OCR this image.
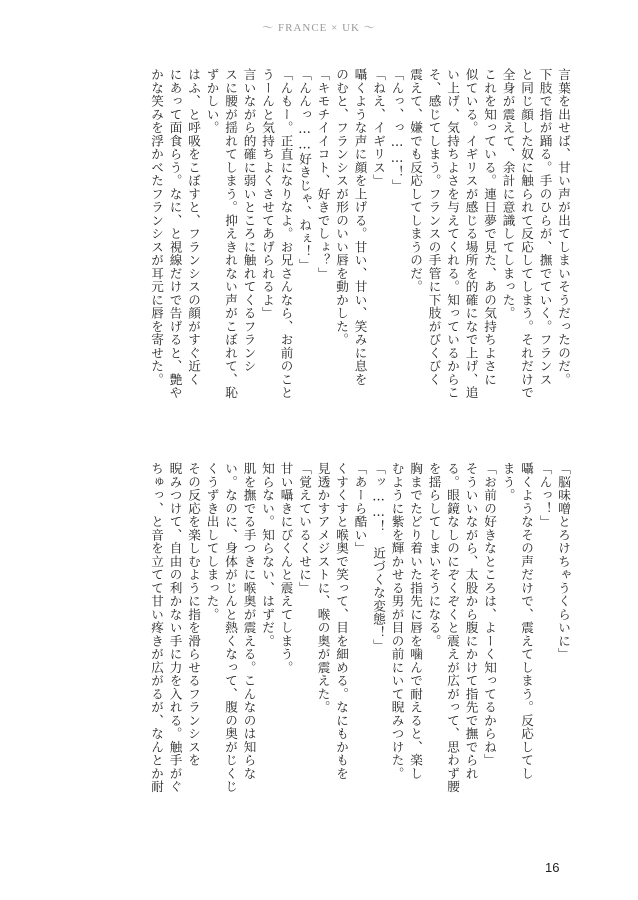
～ FRANCE × UK ～

言葉を出せば、甘い声が出てしまいそうだったのだ。

下肢で指が踊る。手のひらが、撫でていく。フランス

と同じ顔した奴に触られて反応してしまう。それだけで

全身が震えて、余計に意識してしまった。

これを知っている。連日夢で見た、あの気持ちよさに

似ている。イギリスが感じる場所を的確になで上げ、追

い上げ、気持ちよさを与えてくれる。知っているからこ

そ、感じてしまう。フランスの手管に下肢がびくびく

震えて、嫌でも反応してしまうのだ。

「んっ、っ……！」

「ねえ、イギリス」

囁くような声に顔を上げる。甘い、甘い、笑みに息を

のむと、フランシスが形のいい唇を動かした。

「キモチイイコト、好きでしょ？」

「んんっ……好きじゃ、ねぇ！」

「んもー。正直になりなよ。お兄さんなら、お前のこと

うーんと気持ちよくさせてあげられるよ」

言いながら的確に弱いところに触れてくるフランシ

スに腰が揺れてしまう。抑えきれない声がこぼれて、恥

ずかしい。

はふ、と呼吸をこぼすと、フランシスの顔がすぐ近く

にあって面食らう。なに、と視線だけで告げると、艶や

かな笑みを浮かべたフランシスが耳元に唇を寄せた。

「脳味噌とろけちゃうくらいに」

「んっ！」

囁くようなその声だけで、震えてしまう。反応してし

まう。

「お前の好きなところは、よーく知ってるからね」

そういいながら、太股から腹にかけて指先で撫でられ

る。眼鏡なしのにぞくぞくと震えが広がって、思わず腰

を揺らしてしまいそうになる。

胸までたどり着いた指先に唇を噛んで耐えると、楽し

むように紫を輝かせる男が目の前にいて睨みつけた。

「ッ……！　近づくな変態！」

「あーら酷い」

くすくすと喉奥で笑って、目を細める。なにもかもを

見透かすアメジストに、喉の奥が震えた。

「覚えているくせに」

甘い囁きにびくんと震えてしまう。

知らない。知らない、はずだ。

肌を撫でる手つきに喉奥が震える。こんなのは知らな

い。なのに、身体がじんと熱くなって、腹の奥がじくじ

くうずき出してしまった。

その反応を楽しむように指を滑らせるフランシスを

睨みつけて、自由の利かない手に力を入れる。触手がぐ

ちゅっ、と音を立てて甘い疼きが広がるが、なんとか耐

16
